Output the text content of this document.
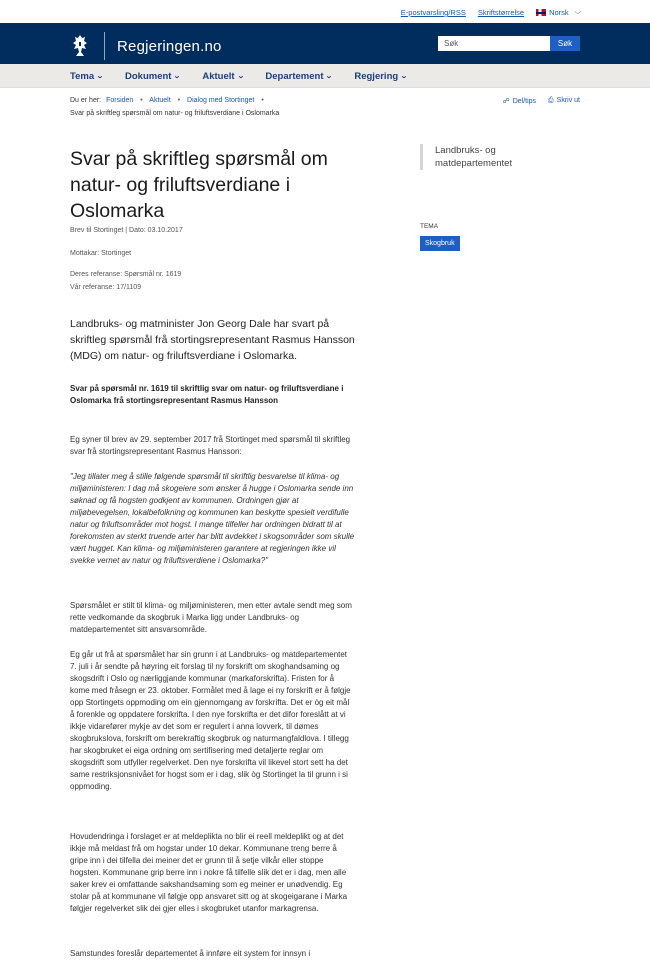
E-postvarsling/RSS Skriftstørrelse	Norsk ⌵
Regjeringen.no
Søk	Søk
Tema ⌄ Dokument ⌄ Aktuelt ⌄ Departement ⌄ Regjering ⌄
Du er her: Forsiden • Aktuelt • Dialog med Stortinget •
Svar på skriftleg spørsmål om natur- og friluftsverdiane i Oslomarka
☍ Del/tips ⎙ Skriv ut
Svar på skriftleg spørsmål om natur- og friluftsverdiane i Oslomarka
Brev til Stortinget | Dato: 03.10.2017
Mottakar: Stortinget
Deres referanse: Spørsmål nr. 1619
Vår referanse: 17/1109

Landbruks- og matminister Jon Georg Dale har svart på skriftleg spørsmål frå stortingsrepresentant Rasmus Hansson (MDG) om natur- og friluftsverdiane i Oslomarka.

Svar på spørsmål nr. 1619 til skriftlig svar om natur- og friluftsverdiane i Oslomarka frå stortingsrepresentant Rasmus Hansson

Eg syner til brev av 29. september 2017 frå Stortinget med spørsmål til skriftleg svar frå stortingsrepresentant Rasmus Hansson:

"Jeg tillater meg å stille følgende spørsmål til skriftlig besvarelse til klima- og miljøministeren: I dag må skogeiere som ønsker å hugge i Oslomarka sende inn søknad og få hogsten godkjent av kommunen. Ordningen gjør at miljøbevegelsen, lokalbefolkning og kommunen kan beskytte spesielt verdifulle natur og friluftsområder mot hogst. I mange tilfeller har ordningen bidratt til at forekomsten av sterkt truende arter har blitt avdekket i skogsområder som skulle vært hugget. Kan klima- og miljøministeren garantere at regjeringen ikke vil svekke vernet av natur og friluftsverdiene i Oslomarka?"

Spørsmålet er stilt til klima- og miljøministeren, men etter avtale sendt meg som rette vedkomande da skogbruk i Marka ligg under Landbruks- og matdepartementet sitt ansvarsområde.

Eg går ut frå at spørsmålet har sin grunn i at Landbruks- og matdepartementet 7. juli i år sendte på høyring eit forslag til ny forskrift om skoghandsaming og skogsdrift i Oslo og nærliggjande kommunar (markaforskrifta). Fristen for å kome med fråsegn er 23. oktober. Formålet med å lage ei ny forskrift er å følgje opp Stortingets oppmoding om ein gjennomgang av forskrifta. Det er òg eit mål å forenkle og oppdatere forskrifta. I den nye forskrifta er det difor foreslått at vi ikkje vidarefører mykje av det som er regulert i anna lovverk, til dømes skogbrukslova, forskrift om berekraftig skogbruk og naturmangfaldlova. I tillegg har skogbruket ei eiga ordning om sertifisering med detaljerte reglar om skogsdrift som utfyller regelverket. Den nye forskrifta vil likevel stort sett ha det same restriksjonsnivået for hogst som er i dag, slik òg Stortinget la til grunn i si oppmoding.

Hovudendringa i forslaget er at meldeplikta no blir ei reell meldeplikt og at det ikkje må meldast frå om hogstar under 10 dekar. Kommunane treng berre å gripe inn i dei tilfella dei meiner det er grunn til å setje vilkår eller stoppe hogsten. Kommunane grip berre inn i nokre få tilfelle slik det er i dag, men alle saker krev ei omfattande sakshandsaming som eg meiner er unødvendig. Eg stolar på at kommunane vil følgje opp ansvaret sitt og at skogeigarane i Marka følgjer regelverket slik dei gjer elles i skogbruket utanfor markagrensa.

Samstundes foreslår departementet å innføre eit system for innsyn i

Landbruks- og
matdepartementet
TEMA
Skogbruk
